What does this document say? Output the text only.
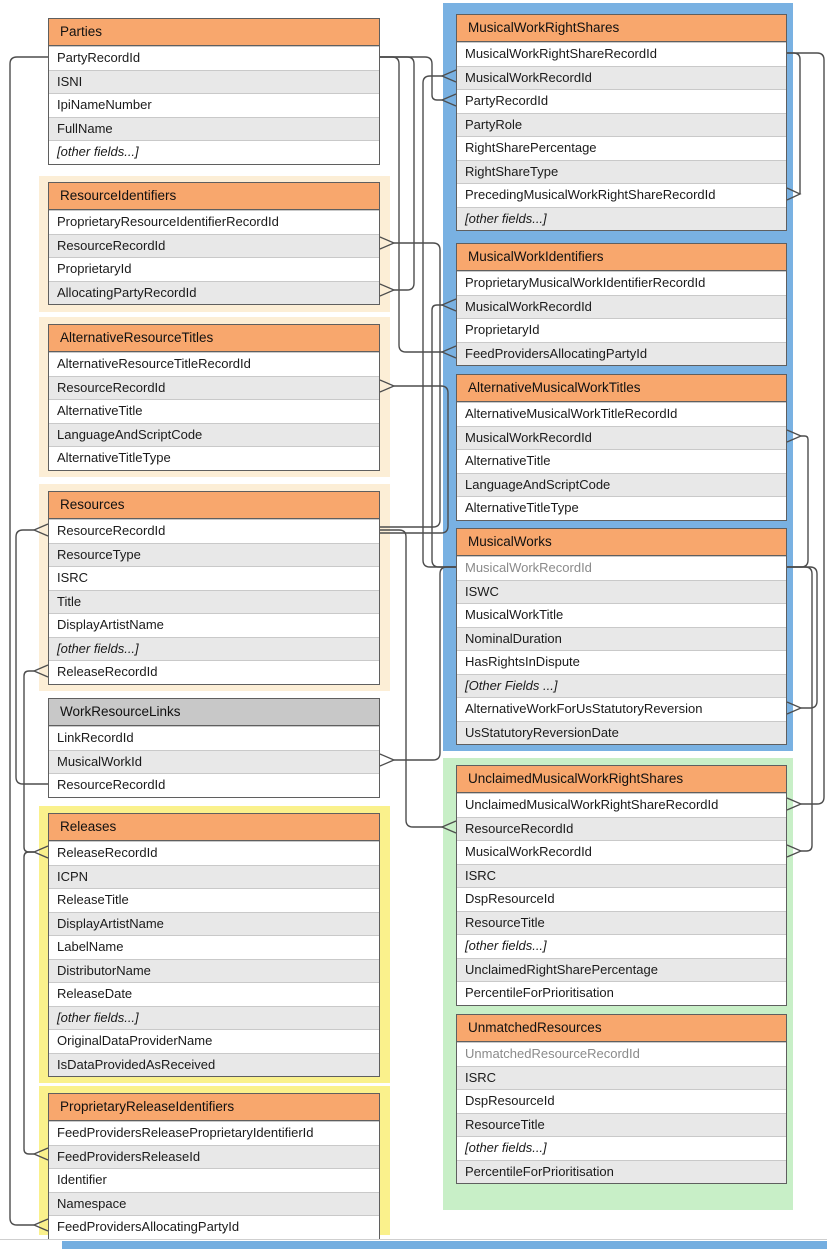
Parties
PartyRecordId
ISNI
IpiNameNumber
FullName
[other fields...]
ResourceIdentifiers
ProprietaryResourceIdentifierRecordId
ResourceRecordId
ProprietaryId
AllocatingPartyRecordId
AlternativeResourceTitles
AlternativeResourceTitleRecordId
ResourceRecordId
AlternativeTitle
LanguageAndScriptCode
AlternativeTitleType
Resources
ResourceRecordId
ResourceType
ISRC
Title
DisplayArtistName
[other fields...]
ReleaseRecordId
WorkResourceLinks
LinkRecordId
MusicalWorkId
ResourceRecordId
Releases
ReleaseRecordId
ICPN
ReleaseTitle
DisplayArtistName
LabelName
DistributorName
ReleaseDate
[other fields...]
OriginalDataProviderName
IsDataProvidedAsReceived
ProprietaryReleaseIdentifiers
FeedProvidersReleaseProprietaryIdentifierId
FeedProvidersReleaseId
Identifier
Namespace
FeedProvidersAllocatingPartyId
MusicalWorkRightShares
MusicalWorkRightShareRecordId
MusicalWorkRecordId
PartyRecordId
PartyRole
RightSharePercentage
RightShareType
PrecedingMusicalWorkRightShareRecordId
[other fields...]
MusicalWorkIdentifiers
ProprietaryMusicalWorkIdentifierRecordId
MusicalWorkRecordId
ProprietaryId
FeedProvidersAllocatingPartyId
AlternativeMusicalWorkTitles
AlternativeMusicalWorkTitleRecordId
MusicalWorkRecordId
AlternativeTitle
LanguageAndScriptCode
AlternativeTitleType
MusicalWorks
MusicalWorkRecordId
ISWC
MusicalWorkTitle
NominalDuration
HasRightsInDispute
[Other Fields ...]
AlternativeWorkForUsStatutoryReversion
UsStatutoryReversionDate
UnclaimedMusicalWorkRightShares
UnclaimedMusicalWorkRightShareRecordId
ResourceRecordId
MusicalWorkRecordId
ISRC
DspResourceId
ResourceTitle
[other fields...]
UnclaimedRightSharePercentage
PercentileForPrioritisation
UnmatchedResources
UnmatchedResourceRecordId
ISRC
DspResourceId
ResourceTitle
[other fields...]
PercentileForPrioritisation
